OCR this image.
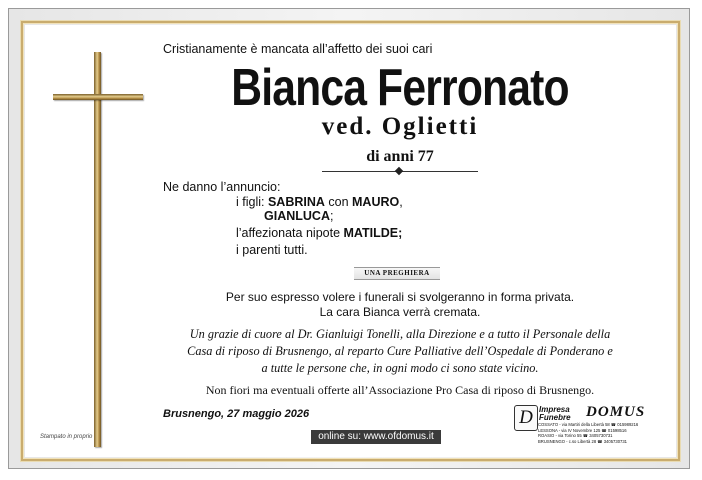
Cristianamente è mancata all’affetto dei suoi cari
Bianca Ferronato
ved. Oglietti
di anni 77
Ne danno l’annuncio:
i figli: SABRINA con MAURO,
GIANLUCA;
l’affezionata nipote MATILDE;
i parenti tutti.
UNA PREGHIERA
Per suo espresso volere i funerali si svolgeranno in forma privata.
La cara Bianca verrà cremata.
Un grazie di cuore al Dr. Gianluigi Tonelli, alla Direzione e a tutto il Personale della
Casa di riposo di Brusnengo, al reparto Cure Palliative dell’Ospedale di Ponderano e
a tutte le persone che, in ogni modo ci sono state vicino.
Non fiori ma eventuali offerte all’Associazione Pro Casa di riposo di Brusnengo.
Brusnengo, 27 maggio 2026
online su: www.ofdomus.it
Stampato in proprio
D Impresa
Funebre DOMUS
COSSATO - via Martiri della Libertà 58 ☎ 015989216
LESSONA - via IV Novembre 125 ☎ 01598516
ROASIO - via Torino 55 ☎ 3405730731
BRUSNENGO - c.so Libertà 28 ☎ 3405730731
